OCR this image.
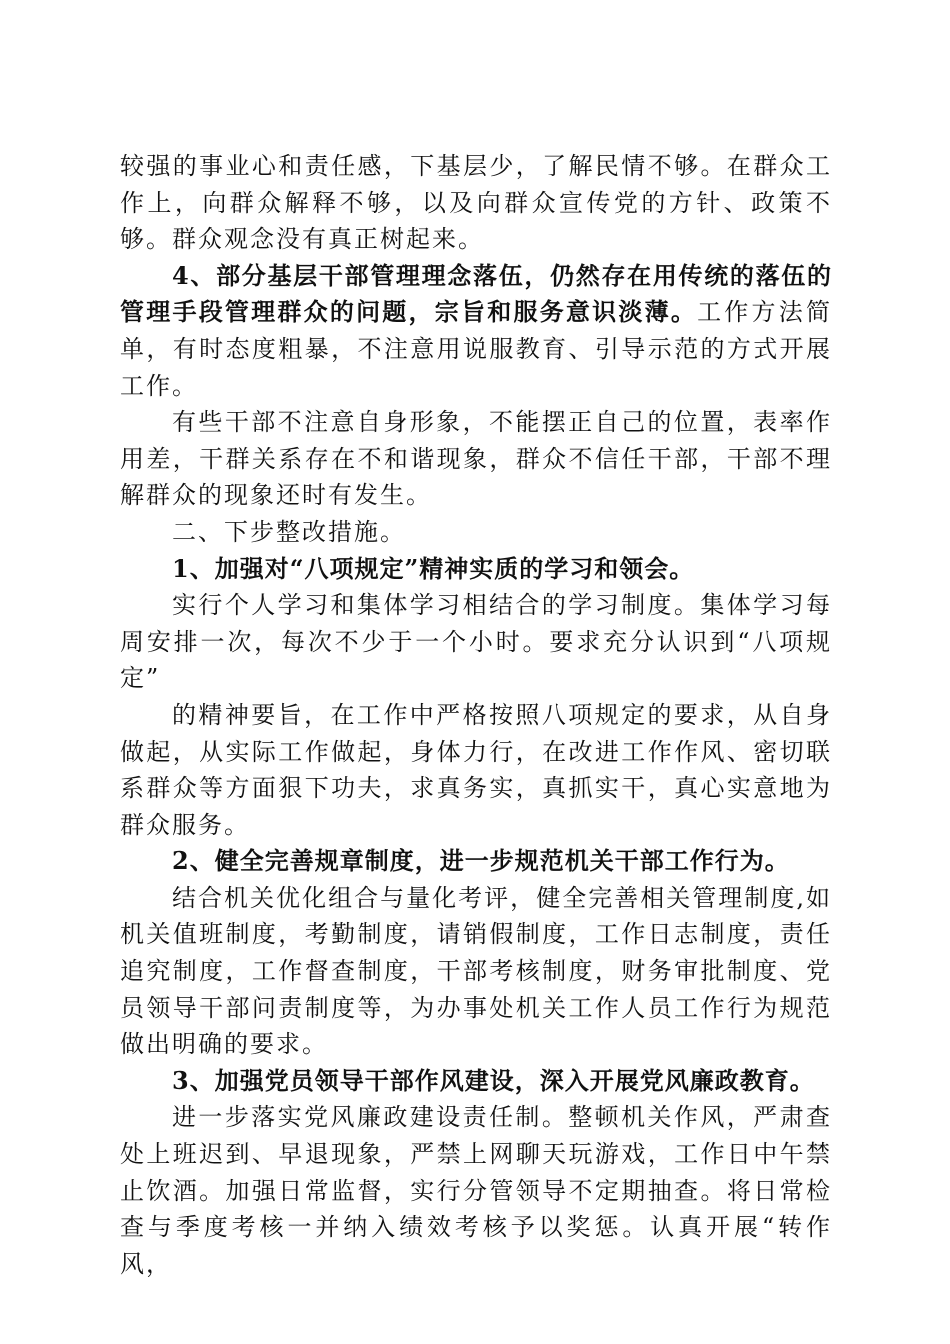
较强的事业心和责任感，下基层少，了解民情不够。在群众工作上，向群众解释不够，以及向群众宣传党的方针、政策不够。群众观念没有真正树起来。

4、部分基层干部管理理念落伍，仍然存在用传统的落伍的管理手段管理群众的问题，宗旨和服务意识淡薄。工作方法简单，有时态度粗暴，不注意用说服教育、引导示范的方式开展工作。

有些干部不注意自身形象，不能摆正自己的位置，表率作用差，干群关系存在不和谐现象，群众不信任干部，干部不理解群众的现象还时有发生。

二、下步整改措施。

1、加强对“八项规定”精神实质的学习和领会。

实行个人学习和集体学习相结合的学习制度。集体学习每周安排一次，每次不少于一个小时。要求充分认识到“八项规定”

的精神要旨，在工作中严格按照八项规定的要求，从自身做起，从实际工作做起，身体力行，在改进工作作风、密切联系群众等方面狠下功夫，求真务实，真抓实干，真心实意地为群众服务。

2、健全完善规章制度，进一步规范机关干部工作行为。

结合机关优化组合与量化考评，健全完善相关管理制度,如机关值班制度，考勤制度，请销假制度，工作日志制度，责任追究制度，工作督查制度，干部考核制度，财务审批制度、党员领导干部问责制度等，为办事处机关工作人员工作行为规范做出明确的要求。

3、加强党员领导干部作风建设，深入开展党风廉政教育。

进一步落实党风廉政建设责任制。整顿机关作风，严肃查处上班迟到、早退现象，严禁上网聊天玩游戏，工作日中午禁止饮酒。加强日常监督，实行分管领导不定期抽查。将日常检查与季度考核一并纳入绩效考核予以奖惩。认真开展“转作风，
